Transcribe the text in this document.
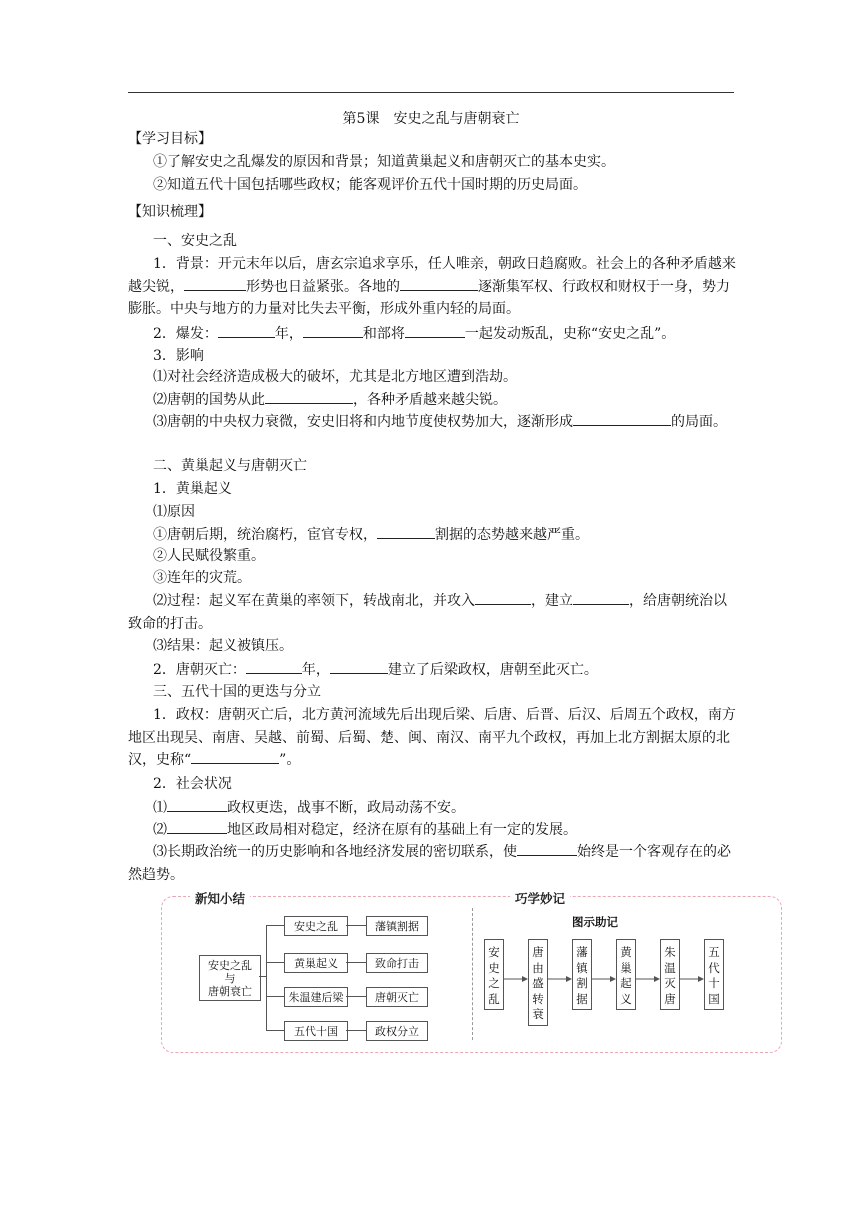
第5课　安史之乱与唐朝衰亡
【学习目标】
①了解安史之乱爆发的原因和背景；知道黄巢起义和唐朝灭亡的基本史实。
②知道五代十国包括哪些政权；能客观评价五代十国时期的历史局面。
【知识梳理】
一、安史之乱
1．背景：开元末年以后，唐玄宗追求享乐，任人唯亲，朝政日趋腐败。社会上的各种矛盾越来越尖锐，	形势也日益紧张。各地的	逐渐集军权、行政权和财权于一身，势力膨胀。中央与地方的力量对比失去平衡，形成外重内轻的局面。
2．爆发：	年，	和部将	一起发动叛乱，史称“安史之乱”。
3．影响
⑴对社会经济造成极大的破坏，尤其是北方地区遭到浩劫。
⑵唐朝的国势从此	，各种矛盾越来越尖锐。
⑶唐朝的中央权力衰微，安史旧将和内地节度使权势加大，逐渐形成	的局面。
二、黄巢起义与唐朝灭亡
1．黄巢起义
⑴原因
①唐朝后期，统治腐朽，宦官专权，	割据的态势越来越严重。
②人民赋役繁重。
③连年的灾荒。
⑵过程：起义军在黄巢的率领下，转战南北，并攻入	，建立	，给唐朝统治以致命的打击。
⑶结果：起义被镇压。
2．唐朝灭亡：	年，	建立了后梁政权，唐朝至此灭亡。
三、五代十国的更迭与分立
1．政权：唐朝灭亡后，北方黄河流域先后出现后梁、后唐、后晋、后汉、后周五个政权，南方地区出现吴、南唐、吴越、前蜀、后蜀、楚、闽、南汉、南平九个政权，再加上北方割据太原的北汉，史称“	”。
2．社会状况
⑴	政权更迭，战事不断，政局动荡不安。
⑵	地区政局相对稳定，经济在原有的基础上有一定的发展。
⑶长期政治统一的历史影响和各地经济发展的密切联系，使	始终是一个客观存在的必然趋势。
新知小结	巧学妙记
安史之乱
与
唐朝衰亡
安史之乱
黄巢起义
朱温建后梁
五代十国
藩镇割据
致命打击
唐朝灭亡
政权分立
图示助记
安
史
之
乱
唐
由
盛
转
衰
藩
镇
割
据
黄
巢
起
义
朱
温
灭
唐
五
代
十
国
